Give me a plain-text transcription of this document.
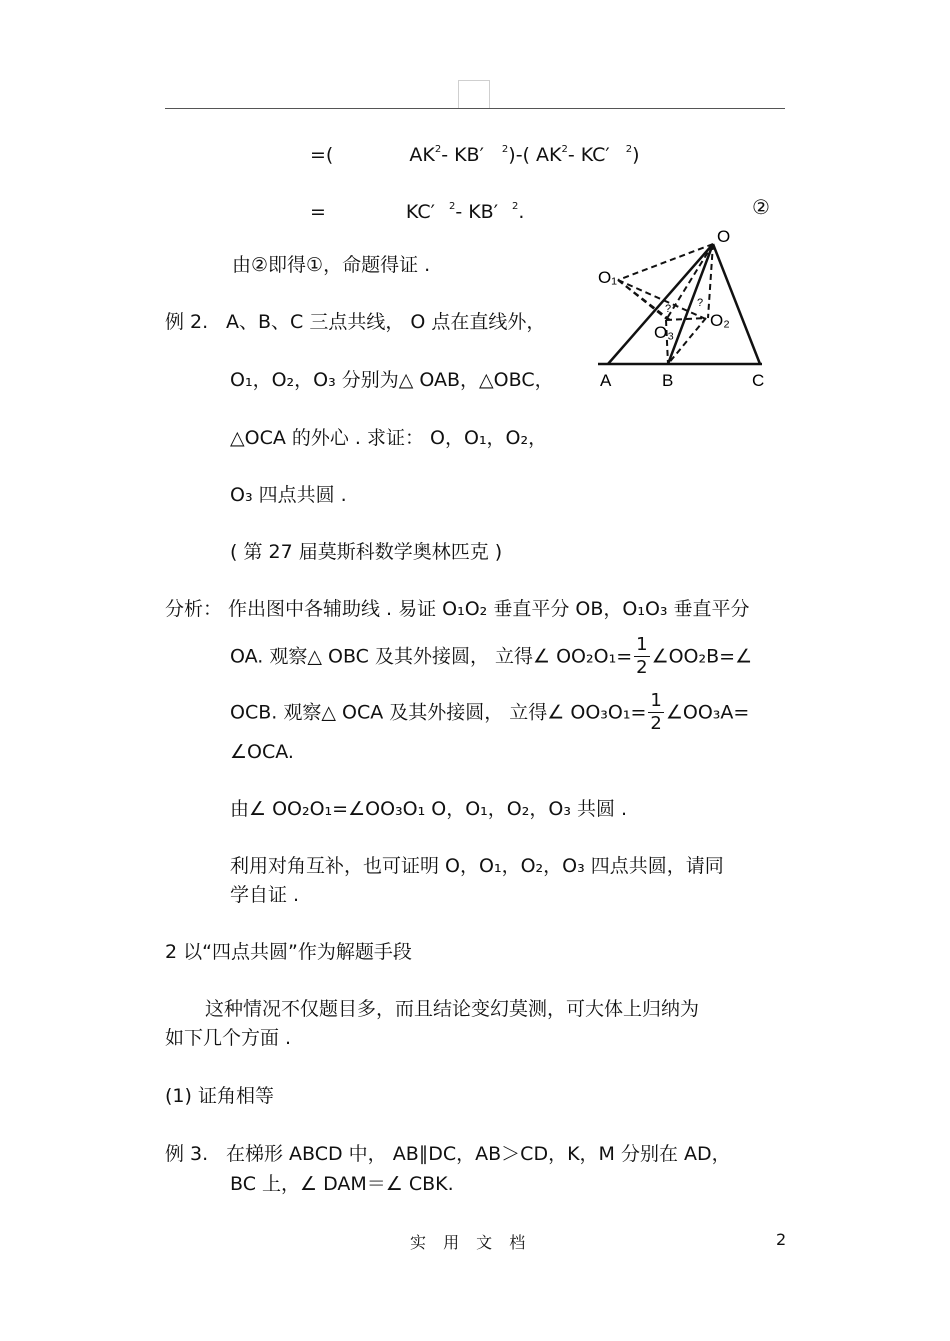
=(	$AK^2-$ KB′ $^2$)-( $AK^2-$ KC′ $^2$)
=	KC′ $^2$- KB′ $^2$.	②
由②即得①，命题得证 .
例 2. A、B、C 三点共线， O 点在直线外，
O₁，O₂，O₃ 分别为△ OAB，△OBC，
△OCA 的外心 . 求证： O，O₁，O₂，
O₃ 四点共圆 .
( 第 27 届莫斯科数学奥林匹克 )
O
O₁
O₂
O₃
? ?
A	B	C
分析： 作出图中各辅助线 . 易证 O₁O₂ 垂直平分 OB，O₁O₃ 垂直平分
OA. 观察△ OBC 及其外接圆， 立得∠ $OO_2O_1= \frac{1}{2}$ ∠OO₂B=∠
OCB. 观察△ OCA 及其外接圆， 立得∠ $OO_3O_1= \frac{1}{2}$ ∠OO₃A=
∠OCA.
由∠ OO₂O₁=∠OO₃O₁ O，O₁，O₂，O₃ 共圆 .
利用对角互补，也可证明 O，O₁，O₂，O₃ 四点共圆，请同
学自证 .
2 以“四点共圆”作为解题手段
这种情况不仅题目多，而且结论变幻莫测，可大体上归纳为
如下几个方面 .
(1) 证角相等
例 3. 在梯形 ABCD 中， AB∥DC，AB＞CD，K，M 分别在 AD，
BC 上，∠ DAM＝∠ CBK.
实 用 文 档	2
